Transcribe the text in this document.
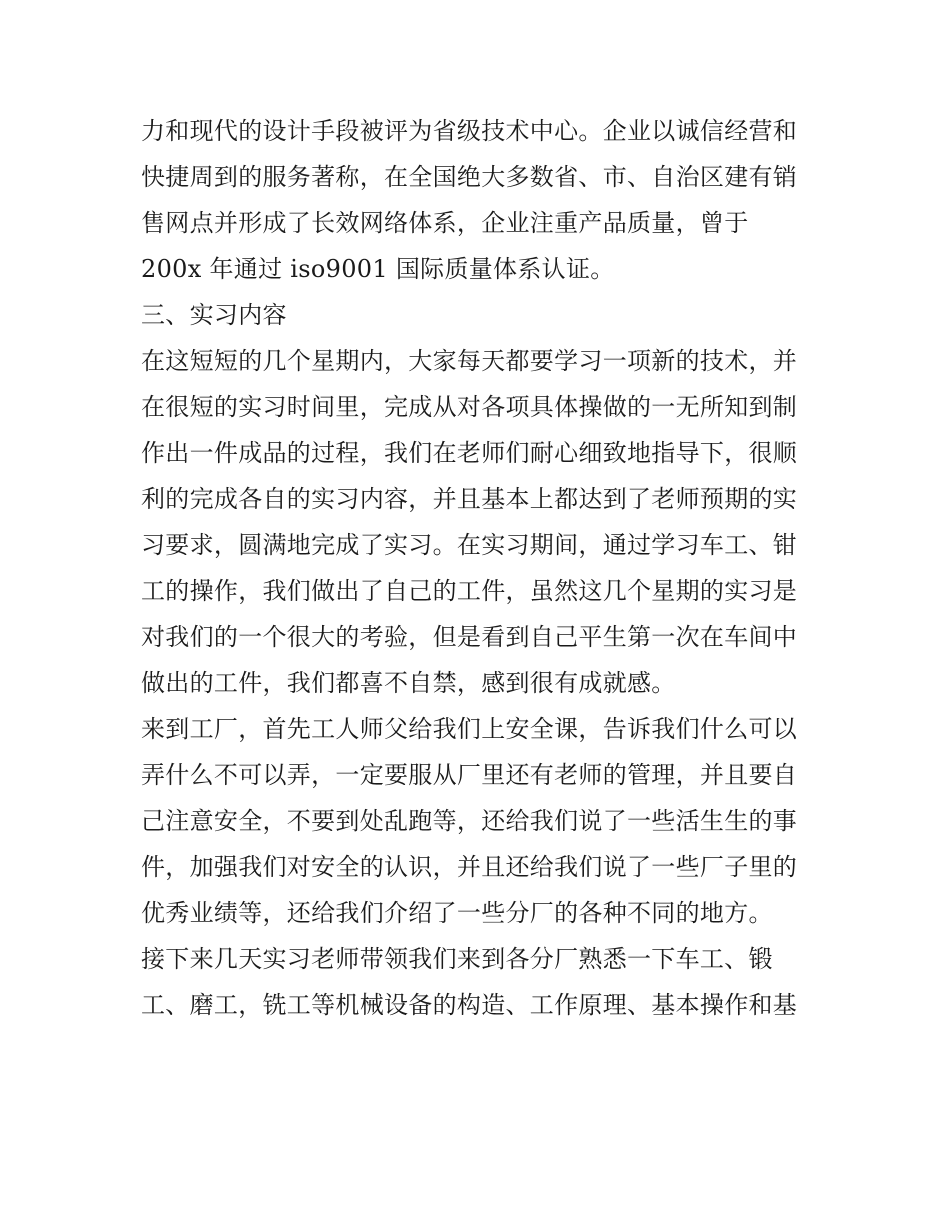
力和现代的设计手段被评为省级技术中心。企业以诚信经营和
快捷周到的服务著称，在全国绝大多数省、市、自治区建有销
售网点并形成了长效网络体系，企业注重产品质量，曾于
200x 年通过 iso9001 国际质量体系认证。
三、实习内容
在这短短的几个星期内，大家每天都要学习一项新的技术，并
在很短的实习时间里，完成从对各项具体操做的一无所知到制
作出一件成品的过程，我们在老师们耐心细致地指导下，很顺
利的完成各自的实习内容，并且基本上都达到了老师预期的实
习要求，圆满地完成了实习。在实习期间，通过学习车工、钳
工的操作，我们做出了自己的工件，虽然这几个星期的实习是
对我们的一个很大的考验，但是看到自己平生第一次在车间中
做出的工件，我们都喜不自禁，感到很有成就感。
来到工厂，首先工人师父给我们上安全课，告诉我们什么可以
弄什么不可以弄，一定要服从厂里还有老师的管理，并且要自
己注意安全，不要到处乱跑等，还给我们说了一些活生生的事
件，加强我们对安全的认识，并且还给我们说了一些厂子里的
优秀业绩等，还给我们介绍了一些分厂的各种不同的地方。
接下来几天实习老师带领我们来到各分厂熟悉一下车工、锻
工、磨工，铣工等机械设备的构造、工作原理、基本操作和基
